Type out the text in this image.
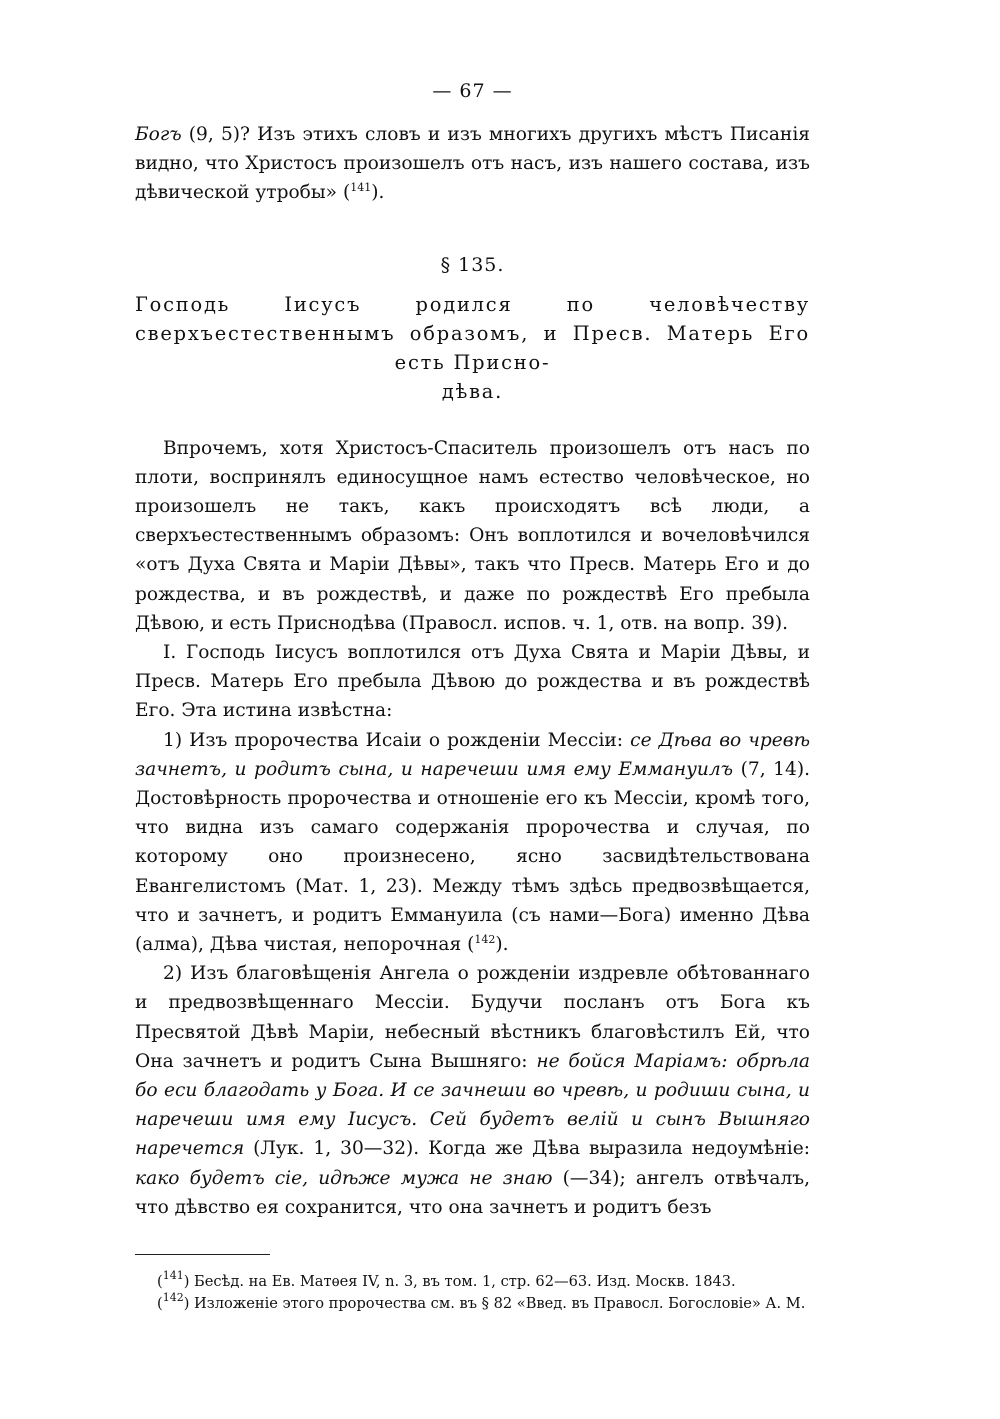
— 67 —

Богъ (9, 5)? Изъ этихъ словъ и изъ многихъ другихъ мѣстъ Писанія видно, что Христосъ произошелъ отъ насъ, изъ нашего состава, изъ дѣвической утробы» ($^{141}$).

§ 135.
Господь Іисусъ родился по человѣчеству сверхъестественнымъ образомъ, и Пресв. Матерь Его есть Присно-
дѣва.

Впрочемъ, хотя Христосъ-Спаситель произошелъ отъ насъ по плоти, воспринялъ единосущное намъ естество человѣческое, но произошелъ не такъ, какъ происходятъ всѣ люди, а сверхъестественнымъ образомъ: Онъ воплотился и вочеловѣчился «отъ Духа Свята и Маріи Дѣвы», такъ что Пресв. Матерь Его и до рождества, и въ рождествѣ, и даже по рождествѣ Его пребыла Дѣвою, и есть Приснодѣва (Правосл. испов. ч. 1, отв. на вопр. 39).

I. Господь Іисусъ воплотился отъ Духа Свята и Маріи Дѣвы, и Пресв. Матерь Его пребыла Дѣвою до рождества и въ рождествѣ Его. Эта истина извѣстна:

1) Изъ пророчества Исаіи о рожденіи Мессіи: се Дѣва во чревѣ зачнетъ, и родитъ сына, и наречеши имя ему Еммануилъ (7, 14). Достовѣрность пророчества и отношеніе его къ Мессіи, кромѣ того, что видна изъ самаго содержанія пророчества и случая, по которому оно произнесено, ясно засвидѣтельствована Евангелистомъ (Мат. 1, 23). Между тѣмъ здѣсь предвозвѣщается, что и зачнетъ, и родитъ Еммануила (съ нами—Бога) именно Дѣва (алма), Дѣва чистая, непорочная ($^{142}$).

2) Изъ благовѣщенія Ангела о рожденіи издревле обѣтованнаго и предвозвѣщеннаго Мессіи. Будучи посланъ отъ Бога къ Пресвятой Дѣвѣ Маріи, небесный вѣстникъ благовѣстилъ Ей, что Она зачнетъ и родитъ Сына Вышняго: не бойся Маріамъ: обрѣла бо еси благодать у Бога. И се зачнеши во чревѣ, и родиши сына, и наречеши имя ему Іисусъ. Сей будетъ велій и сынъ Вышняго наречется (Лук. 1, 30—32). Когда же Дѣва выразила недоумѣніе: како будетъ сіе, идѣже мужа не знаю (—34); ангелъ отвѣчалъ, что дѣвство ея сохранится, что она зачнетъ и родитъ безъ

($^{141}$) Бесѣд. на Ев. Матѳея IV, n. 3, въ том. 1, стр. 62—63. Изд. Москв. 1843.

($^{142}$) Изложеніе этого пророчества см. въ § 82 «Введ. въ Правосл. Богословіе» А. М.
